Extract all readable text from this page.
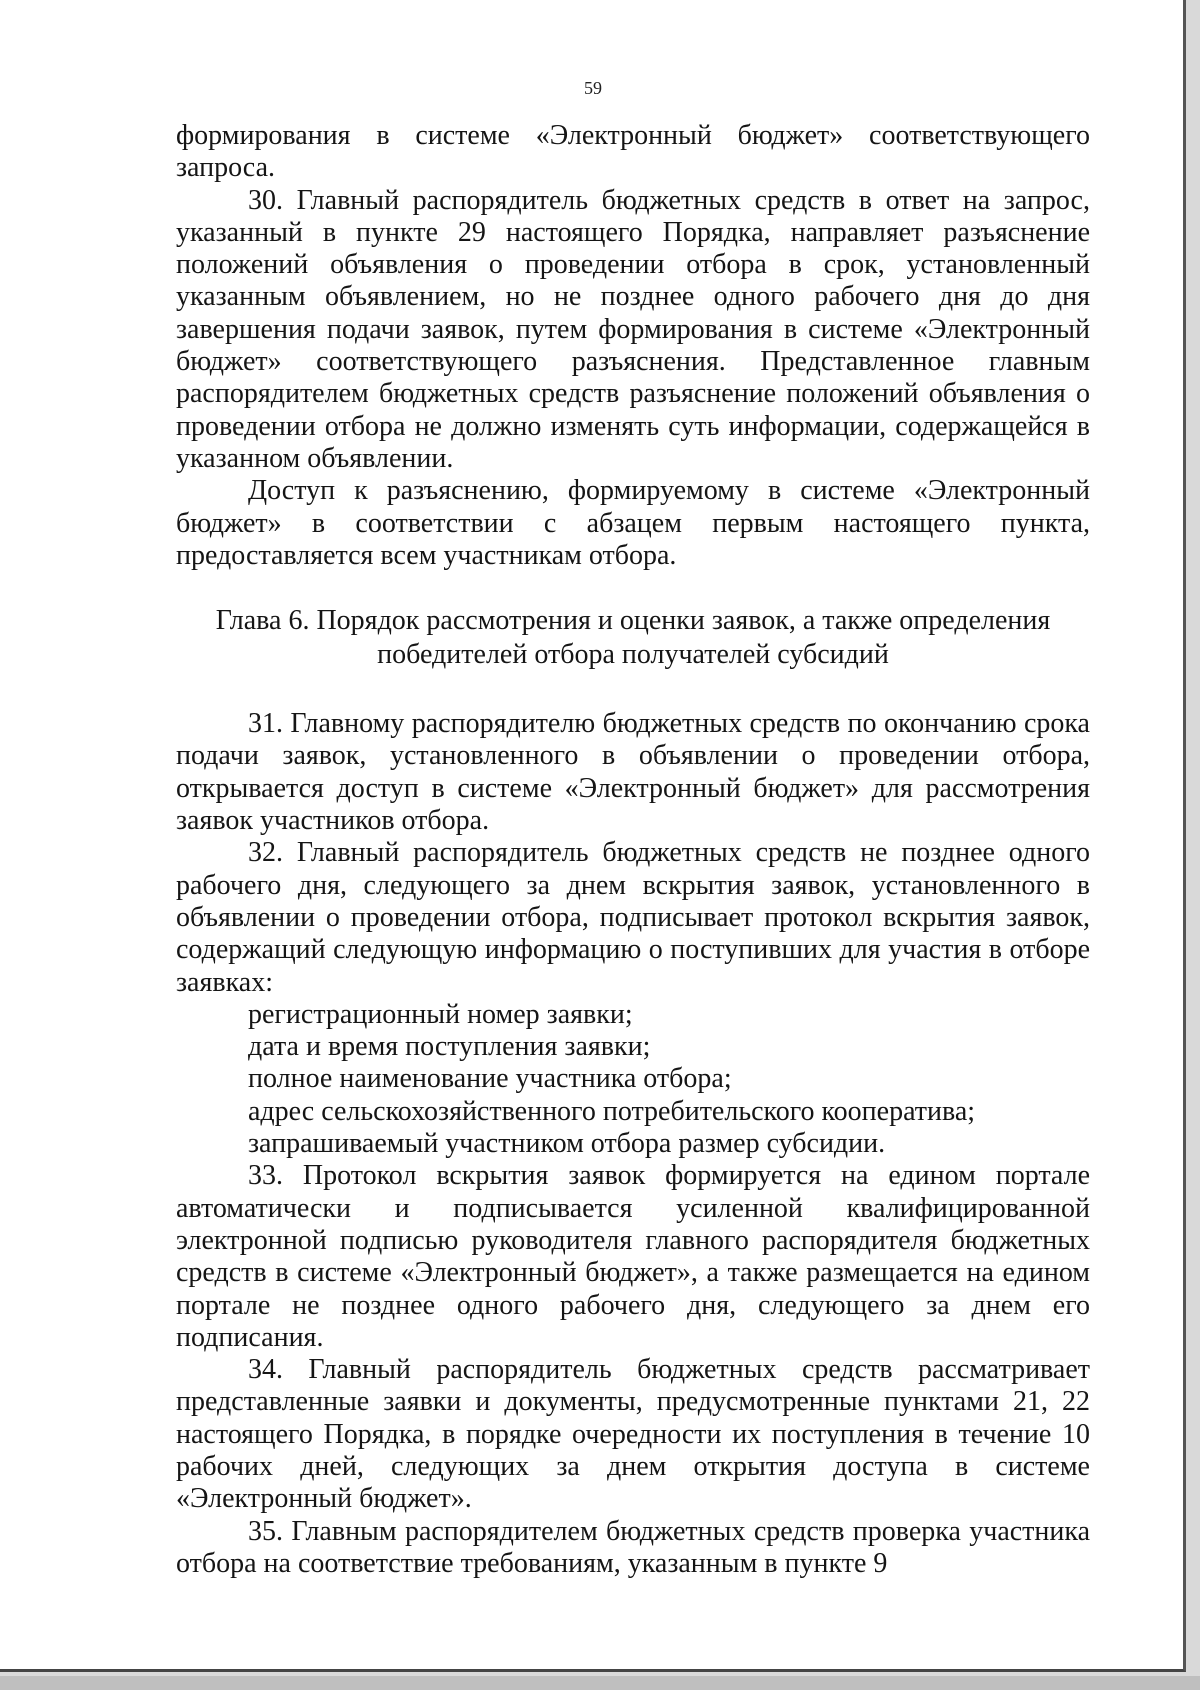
59

формирования в системе «Электронный бюджет» соответствующего запроса.

30. Главный распорядитель бюджетных средств в ответ на запрос, указанный в пункте 29 настоящего Порядка, направляет разъяснение положений объявления о проведении отбора в срок, установленный указанным объявлением, но не позднее одного рабочего дня до дня завершения подачи заявок, путем формирования в системе «Электронный бюджет» соответствующего разъяснения. Представленное главным распорядителем бюджетных средств разъяснение положений объявления о проведении отбора не должно изменять суть информации, содержащейся в указанном объявлении.

Доступ к разъяснению, формируемому в системе «Электронный бюджет» в соответствии с абзацем первым настоящего пункта, предоставляется всем участникам отбора.

Глава 6. Порядок рассмотрения и оценки заявок, а также определения победителей отбора получателей субсидий

31. Главному распорядителю бюджетных средств по окончанию срока подачи заявок, установленного в объявлении о проведении отбора, открывается доступ в системе «Электронный бюджет» для рассмотрения заявок участников отбора.

32. Главный распорядитель бюджетных средств не позднее одного рабочего дня, следующего за днем вскрытия заявок, установленного в объявлении о проведении отбора, подписывает протокол вскрытия заявок, содержащий следующую информацию о поступивших для участия в отборе заявках:

регистрационный номер заявки;

дата и время поступления заявки;

полное наименование участника отбора;

адрес сельскохозяйственного потребительского кооператива;

запрашиваемый участником отбора размер субсидии.

33. Протокол вскрытия заявок формируется на едином портале автоматически и подписывается усиленной квалифицированной электронной подписью руководителя главного распорядителя бюджетных средств в системе «Электронный бюджет», а также размещается на едином портале не позднее одного рабочего дня, следующего за днем его подписания.

34. Главный распорядитель бюджетных средств рассматривает представленные заявки и документы, предусмотренные пунктами 21, 22 настоящего Порядка, в порядке очередности их поступления в течение 10 рабочих дней, следующих за днем открытия доступа в системе «Электронный бюджет».

35. Главным распорядителем бюджетных средств проверка участника отбора на соответствие требованиям, указанным в пункте 9
